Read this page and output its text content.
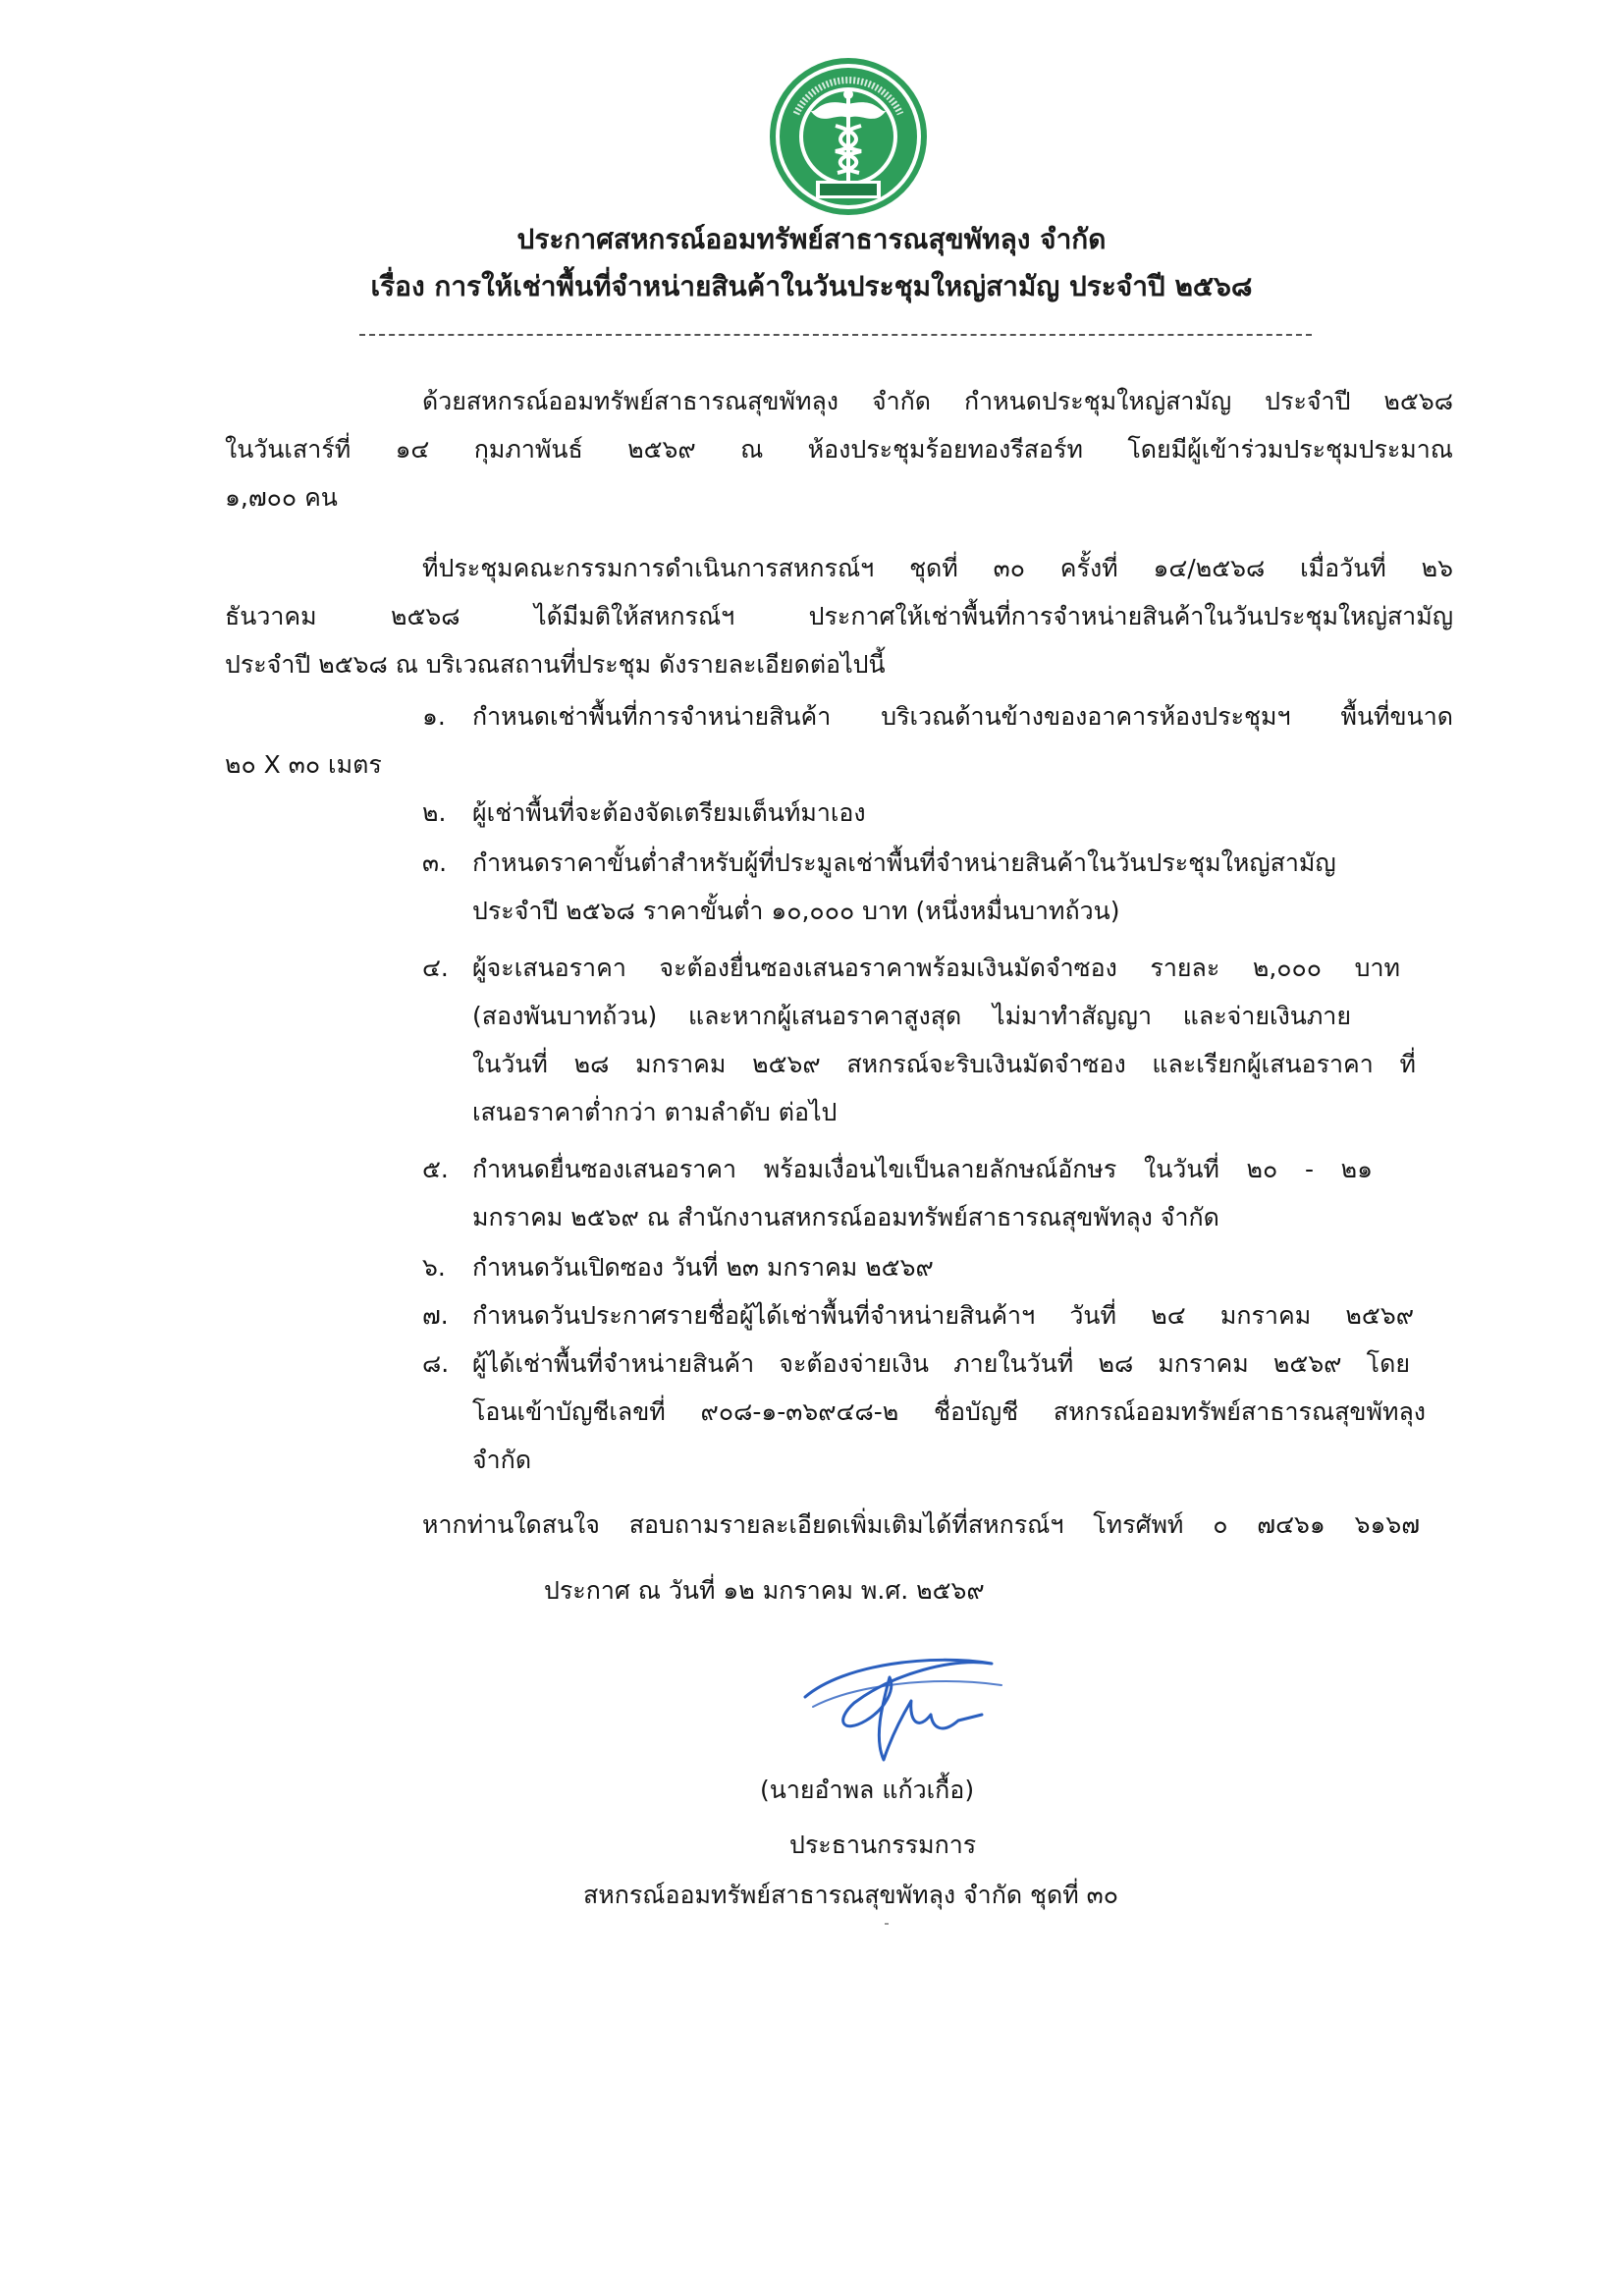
ประกาศสหกรณ์ออมทรัพย์สาธารณสุขพัทลุง จำกัด
เรื่อง การให้เช่าพื้นที่จำหน่ายสินค้าในวันประชุมใหญ่สามัญ ประจำปี ๒๕๖๘
ด้วยสหกรณ์ออมทรัพย์สาธารณสุขพัทลุง จำกัด กำหนดประชุมใหญ่สามัญ ประจำปี ๒๕๖๘
ในวันเสาร์ที่ ๑๔ กุมภาพันธ์ ๒๕๖๙ ณ ห้องประชุมร้อยทองรีสอร์ท โดยมีผู้เข้าร่วมประชุมประมาณ
๑,๗๐๐ คน
ที่ประชุมคณะกรรมการดำเนินการสหกรณ์ฯ ชุดที่ ๓๐ ครั้งที่ ๑๔/๒๕๖๘ เมื่อวันที่ ๒๖
ธันวาคม ๒๕๖๘ ได้มีมติให้สหกรณ์ฯ ประกาศให้เช่าพื้นที่การจำหน่ายสินค้าในวันประชุมใหญ่สามัญ
ประจำปี ๒๕๖๘ ณ บริเวณสถานที่ประชุม ดังรายละเอียดต่อไปนี้
๑. กำหนดเช่าพื้นที่การจำหน่ายสินค้า บริเวณด้านข้างของอาคารห้องประชุมฯ พื้นที่ขนาด
๒๐ X ๓๐ เมตร
๒. ผู้เช่าพื้นที่จะต้องจัดเตรียมเต็นท์มาเอง
๓. กำหนดราคาขั้นต่ำสำหรับผู้ที่ประมูลเช่าพื้นที่จำหน่ายสินค้าในวันประชุมใหญ่สามัญ
ประจำปี ๒๕๖๘ ราคาขั้นต่ำ ๑๐,๐๐๐ บาท (หนึ่งหมื่นบาทถ้วน)
๔. ผู้จะเสนอราคา จะต้องยื่นซองเสนอราคาพร้อมเงินมัดจำซอง รายละ ๒,๐๐๐ บาท
(สองพันบาทถ้วน) และหากผู้เสนอราคาสูงสุด ไม่มาทำสัญญา และจ่ายเงินภาย
ในวันที่ ๒๘ มกราคม ๒๕๖๙ สหกรณ์จะริบเงินมัดจำซอง และเรียกผู้เสนอราคา ที่
เสนอราคาต่ำกว่า ตามลำดับ ต่อไป
๕. กำหนดยื่นซองเสนอราคา พร้อมเงื่อนไขเป็นลายลักษณ์อักษร ในวันที่ ๒๐ - ๒๑
มกราคม ๒๕๖๙ ณ สำนักงานสหกรณ์ออมทรัพย์สาธารณสุขพัทลุง จำกัด
๖. กำหนดวันเปิดซอง วันที่ ๒๓ มกราคม ๒๕๖๙
๗. กำหนดวันประกาศรายชื่อผู้ได้เช่าพื้นที่จำหน่ายสินค้าฯ วันที่ ๒๔ มกราคม ๒๕๖๙
๘. ผู้ได้เช่าพื้นที่จำหน่ายสินค้า จะต้องจ่ายเงิน ภายในวันที่ ๒๘ มกราคม ๒๕๖๙ โดย
โอนเข้าบัญชีเลขที่ ๙๐๘-๑-๓๖๙๔๘-๒ ชื่อบัญชี สหกรณ์ออมทรัพย์สาธารณสุขพัทลุง
จำกัด
หากท่านใดสนใจ สอบถามรายละเอียดเพิ่มเติมได้ที่สหกรณ์ฯ โทรศัพท์ ๐ ๗๔๖๑ ๖๑๖๗
ประกาศ ณ วันที่ ๑๒ มกราคม พ.ศ. ๒๕๖๙
(นายอำพล แก้วเกื้อ)
ประธานกรรมการ
สหกรณ์ออมทรัพย์สาธารณสุขพัทลุง จำกัด ชุดที่ ๓๐
